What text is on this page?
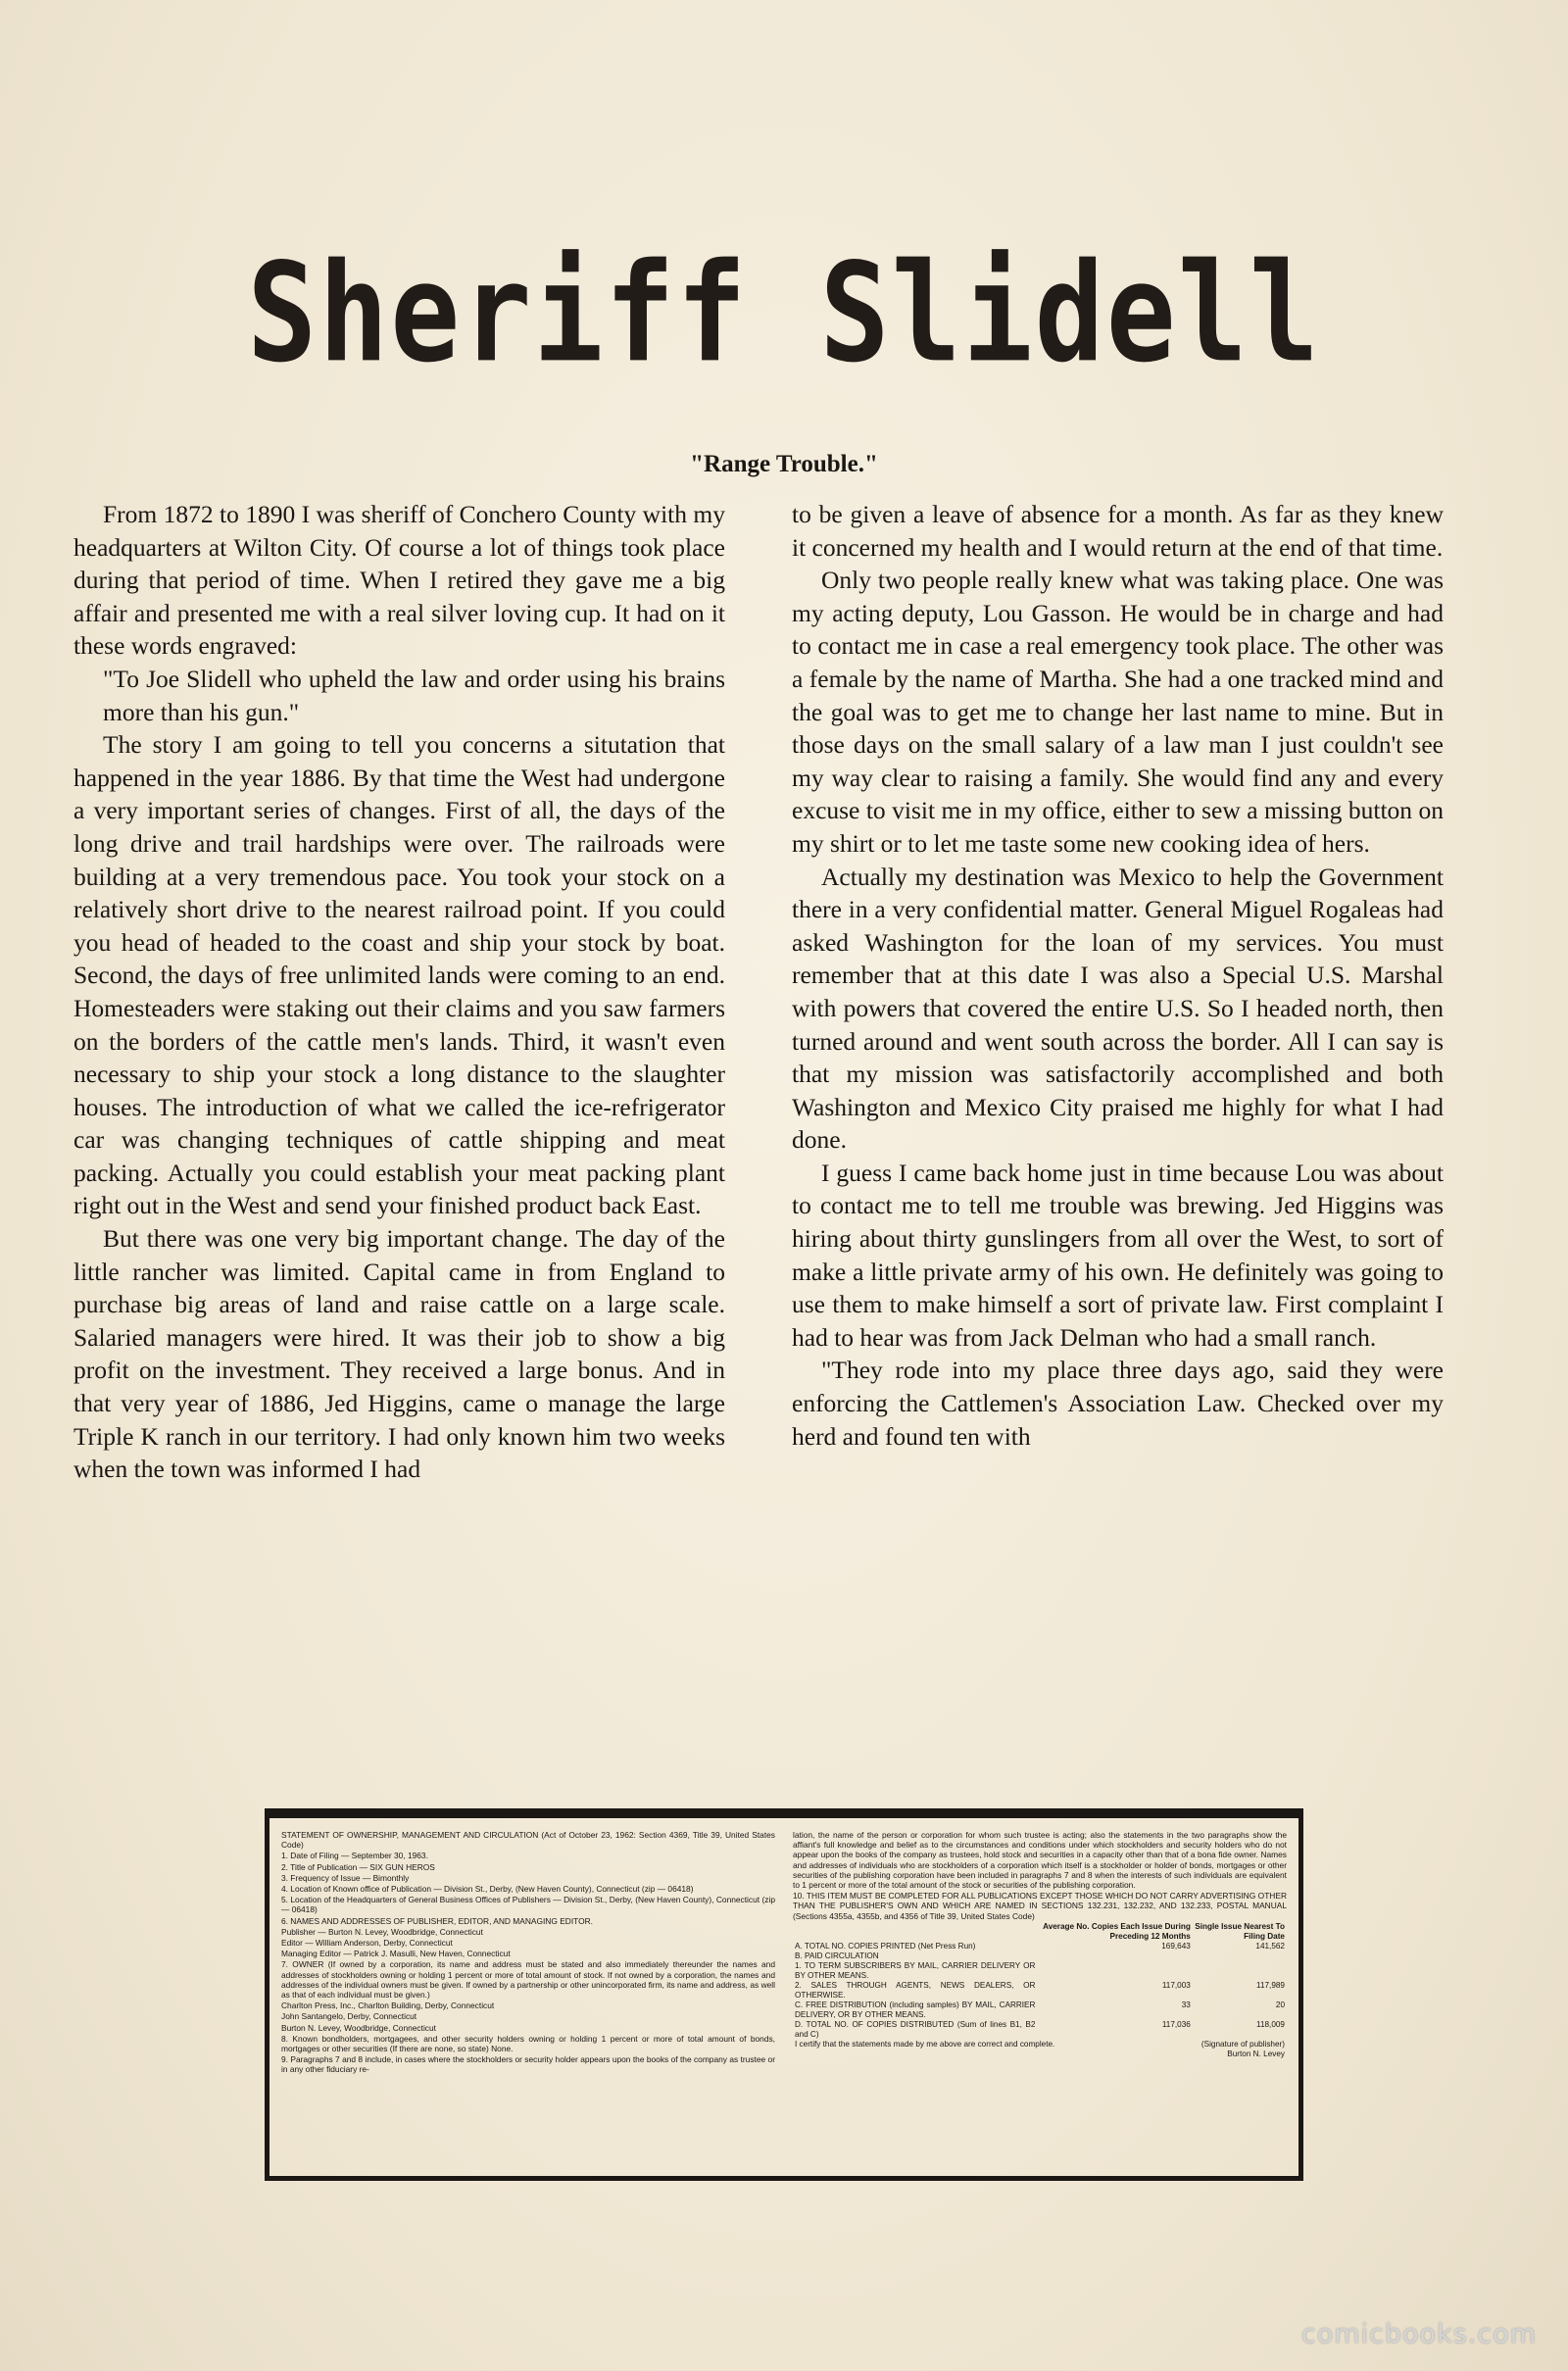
Sheriff Slidell
"Range Trouble."

From 1872 to 1890 I was sheriff of Conchero County with my headquarters at Wilton City. Of course a lot of things took place during that period of time. When I retired they gave me a big affair and presented me with a real silver loving cup. It had on it these words engraved:

"To Joe Slidell who upheld the law and order using his brains more than his gun."

The story I am going to tell you concerns a situtation that happened in the year 1886. By that time the West had undergone a very important series of changes. First of all, the days of the long drive and trail hardships were over. The railroads were building at a very tremendous pace. You took your stock on a relatively short drive to the nearest railroad point. If you could you head of headed to the coast and ship your stock by boat. Second, the days of free unlimited lands were coming to an end. Homesteaders were staking out their claims and you saw farmers on the borders of the cattle men's lands. Third, it wasn't even necessary to ship your stock a long distance to the slaughter houses. The introduction of what we called the ice-refrigerator car was changing techniques of cattle shipping and meat packing. Actually you could establish your meat packing plant right out in the West and send your finished product back East.

But there was one very big important change. The day of the little rancher was limited. Capital came in from England to purchase big areas of land and raise cattle on a large scale. Salaried managers were hired. It was their job to show a big profit on the investment. They received a large bonus. And in that very year of 1886, Jed Higgins, came o manage the large Triple K ranch in our territory. I had only known him two weeks when the town was informed I had

to be given a leave of absence for a month. As far as they knew it concerned my health and I would return at the end of that time.

Only two people really knew what was taking place. One was my acting deputy, Lou Gasson. He would be in charge and had to contact me in case a real emergency took place. The other was a female by the name of Martha. She had a one tracked mind and the goal was to get me to change her last name to mine. But in those days on the small salary of a law man I just couldn't see my way clear to raising a family. She would find any and every excuse to visit me in my office, either to sew a missing button on my shirt or to let me taste some new cooking idea of hers.

Actually my destination was Mexico to help the Government there in a very confidential matter. General Miguel Rogaleas had asked Washington for the loan of my services. You must remember that at this date I was also a Special U.S. Marshal with powers that covered the entire U.S. So I headed north, then turned around and went south across the border. All I can say is that my mission was satisfactorily accomplished and both Washington and Mexico City praised me highly for what I had done.

I guess I came back home just in time because Lou was about to contact me to tell me trouble was brewing. Jed Higgins was hiring about thirty gunslingers from all over the West, to sort of make a little private army of his own. He definitely was going to use them to make himself a sort of private law. First complaint I had to hear was from Jack Delman who had a small ranch.

"They rode into my place three days ago, said they were enforcing the Cattlemen's Association Law. Checked over my herd and found ten with

STATEMENT OF OWNERSHIP, MANAGEMENT AND CIRCULATION (Act of October 23, 1962: Section 4369, Title 39, United States Code)

1. Date of Filing — September 30, 1963.

2. Title of Publication — SIX GUN HEROS

3. Frequency of Issue — Bimonthly

4. Location of Known office of Publication — Division St., Derby, (New Haven County), Connecticut (zip — 06418)

5. Location of the Headquarters of General Business Offices of Publishers — Division St., Derby, (New Haven County), Connecticut (zip — 06418)

6. NAMES AND ADDRESSES OF PUBLISHER, EDITOR, AND MANAGING EDITOR.

Publisher — Burton N. Levey, Woodbridge, Connecticut

Editor — William Anderson, Derby, Connecticut

Managing Editor — Patrick J. Masulli, New Haven, Connecticut

7. OWNER (If owned by a corporation, its name and address must be stated and also immediately thereunder the names and addresses of stockholders owning or holding 1 percent or more of total amount of stock. If not owned by a corporation, the names and addresses of the individual owners must be given. If owned by a partnership or other unincorporated firm, its name and address, as well as that of each individual must be given.)

Charlton Press, Inc., Charlton Building, Derby, Connecticut

John Santangelo, Derby, Connecticut

Burton N. Levey, Woodbridge, Connecticut

8. Known bondholders, mortgagees, and other security holders owning or holding 1 percent or more of total amount of bonds, mortgages or other securities (If there are none, so state) None.

9. Paragraphs 7 and 8 include, in cases where the stockholders or security holder appears upon the books of the company as trustee or in any other fiduciary re-

lation, the name of the person or corporation for whom such trustee is acting; also the statements in the two paragraphs show the affiant's full knowledge and belief as to the circumstances and conditions under which stockholders and security holders who do not appear upon the books of the company as trustees, hold stock and securities in a capacity other than that of a bona fide owner. Names and addresses of individuals who are stockholders of a corporation which itself is a stockholder or holder of bonds, mortgages or other securities of the publishing corporation have been included in paragraphs 7 and 8 when the interests of such individuals are equivalent to 1 percent or more of the total amount of the stock or securities of the publishing corporation.

10. THIS ITEM MUST BE COMPLETED FOR ALL PUBLICATIONS EXCEPT THOSE WHICH DO NOT CARRY ADVERTISING OTHER THAN THE PUBLISHER'S OWN AND WHICH ARE NAMED IN SECTIONS 132.231, 132.232, AND 132.233, POSTAL MANUAL (Sections 4355a, 4355b, and 4356 of Title 39, United States Code)

	Average No. Copies Each Issue During Preceding 12 Months	Single Issue Nearest To Filing Date
A. TOTAL NO. COPIES PRINTED (Net Press Run)	169,643	141,562
B. PAID CIRCULATION		
1. TO TERM SUBSCRIBERS BY MAIL, CARRIER DELIVERY OR BY OTHER MEANS.		
2. SALES THROUGH AGENTS, NEWS DEALERS, OR OTHERWISE.	117,003	117,989
C. FREE DISTRIBUTION (including samples) BY MAIL, CARRIER DELIVERY, OR BY OTHER MEANS.	33	20
D. TOTAL NO. OF COPIES DISTRIBUTED (Sum of lines B1, B2 and C)	117,036	118,009
I certify that the statements made by me above are correct and complete.	(Signature of publisher)
Burton N. Levey
comicbooks.com
